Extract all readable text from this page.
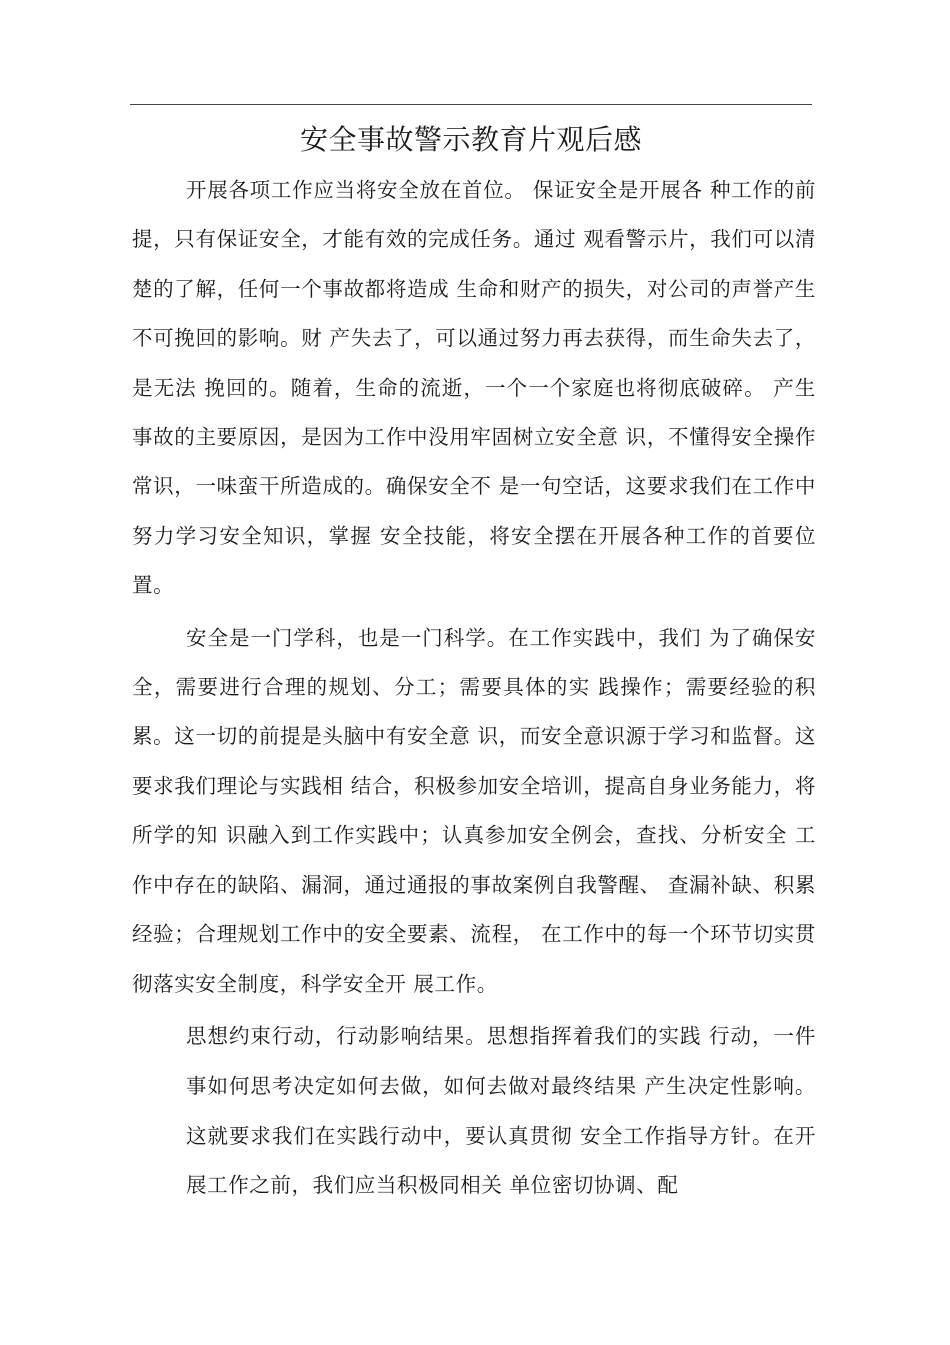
安全事故警示教育片观后感

开展各项工作应当将安全放在首位。 保证安全是开展各 种工作的前提，只有保证安全，才能有效的完成任务。通过 观看警示片，我们可以清楚的了解，任何一个事故都将造成 生命和财产的损失，对公司的声誉产生不可挽回的影响。财 产失去了，可以通过努力再去获得，而生命失去了，是无法 挽回的。随着，生命的流逝，一个一个家庭也将彻底破碎。 产生事故的主要原因，是因为工作中没用牢固树立安全意 识，不懂得安全操作常识，一味蛮干所造成的。确保安全不 是一句空话，这要求我们在工作中努力学习安全知识，掌握 安全技能，将安全摆在开展各种工作的首要位置。

安全是一门学科，也是一门科学。在工作实践中，我们 为了确保安全，需要进行合理的规划、分工；需要具体的实 践操作；需要经验的积累。这一切的前提是头脑中有安全意 识，而安全意识源于学习和监督。这要求我们理论与实践相 结合，积极参加安全培训，提高自身业务能力，将所学的知 识融入到工作实践中；认真参加安全例会，查找、分析安全 工作中存在的缺陷、漏洞，通过通报的事故案例自我警醒、 查漏补缺、积累经验；合理规划工作中的安全要素、流程， 在工作中的每一个环节切实贯彻落实安全制度，科学安全开 展工作。

思想约束行动，行动影响结果。思想指挥着我们的实践 行动，一件事如何思考决定如何去做，如何去做对最终结果 产生决定性影响。这就要求我们在实践行动中，要认真贯彻 安全工作指导方针。在开展工作之前，我们应当积极同相关 单位密切协调、配
